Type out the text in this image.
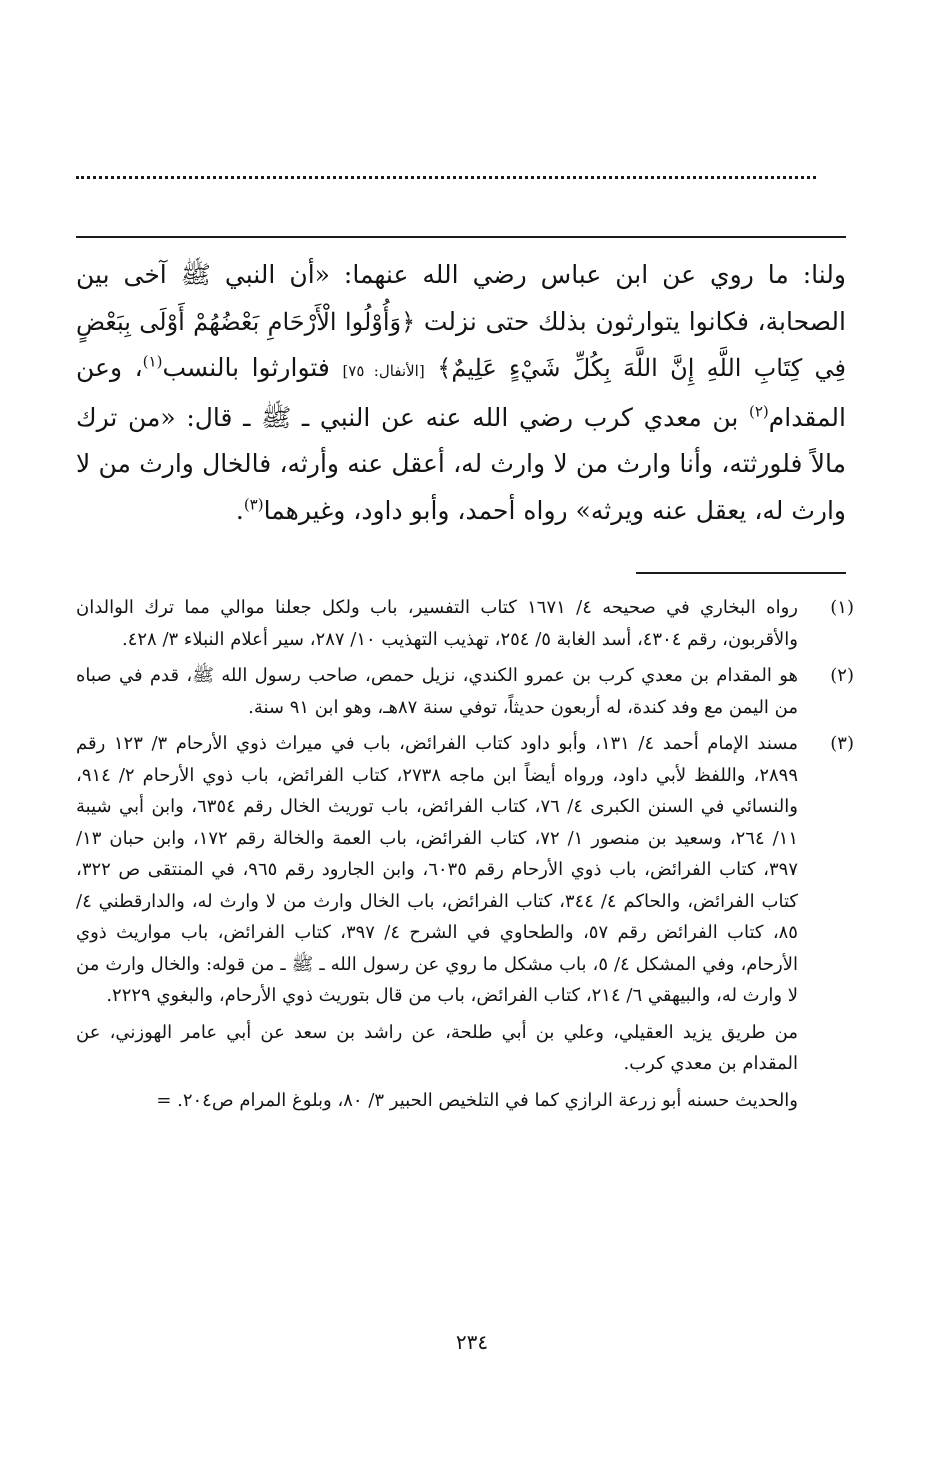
ولنا: ما روي عن ابن عباس رضي الله عنهما: «أن النبي ﷺ آخى بين الصحابة، فكانوا يتوارثون بذلك حتى نزلت ﴿وَأُوْلُوا الْأَرْحَامِ بَعْضُهُمْ أَوْلَى بِبَعْضٍ فِي كِتَابِ اللَّهِ إِنَّ اللَّهَ بِكُلِّ شَيْءٍ عَلِيمٌ﴾ [الأنفال: ٧٥] فتوارثوا بالنسب$^{(١)}$، وعن المقدام$^{(٢)}$ بن معدي كرب رضي الله عنه عن النبي ـ ﷺ ـ قال: «من ترك مالاً فلورثته، وأنا وارث من لا وارث له، أعقل عنه وأرثه، فالخال وارث من لا وارث له، يعقل عنه ويرثه» رواه أحمد، وأبو داود، وغيرهما$^{(٣)}$.

(١)
رواه البخاري في صحيحه ٤/ ١٦٧١ كتاب التفسير، باب ولكل جعلنا موالي مما ترك الوالدان والأقربون، رقم ٤٣٠٤، أسد الغابة ٥/ ٢٥٤، تهذيب التهذيب ١٠/ ٢٨٧، سير أعلام النبلاء ٣/ ٤٢٨.
(٢)
هو المقدام بن معدي كرب بن عمرو الكندي، نزيل حمص، صاحب رسول الله ﷺ، قدم في صباه من اليمن مع وفد كندة، له أربعون حديثاً، توفي سنة ٨٧هـ، وهو ابن ٩١ سنة.
(٣)
مسند الإمام أحمد ٤/ ١٣١، وأبو داود كتاب الفرائض، باب في ميراث ذوي الأرحام ٣/ ١٢٣ رقم ٢٨٩٩، واللفظ لأبي داود، ورواه أيضاً ابن ماجه ٢٧٣٨، كتاب الفرائض، باب ذوي الأرحام ٢/ ٩١٤، والنسائي في السنن الكبرى ٤/ ٧٦، كتاب الفرائض، باب توريث الخال رقم ٦٣٥٤، وابن أبي شيبة ١١/ ٢٦٤، وسعيد بن منصور ١/ ٧٢، كتاب الفرائض، باب العمة والخالة رقم ١٧٢، وابن حبان ١٣/ ٣٩٧، كتاب الفرائض، باب ذوي الأرحام رقم ٦٠٣٥، وابن الجارود رقم ٩٦٥، في المنتقى ص ٣٢٢، كتاب الفرائض، والحاكم ٤/ ٣٤٤، كتاب الفرائض، باب الخال وارث من لا وارث له، والدارقطني ٤/ ٨٥، كتاب الفرائض رقم ٥٧، والطحاوي في الشرح ٤/ ٣٩٧، كتاب الفرائض، باب مواريث ذوي الأرحام، وفي المشكل ٤/ ٥، باب مشكل ما روي عن رسول الله ـ ﷺ ـ من قوله: والخال وارث من لا وارث له، والبيهقي ٦/ ٢١٤، كتاب الفرائض، باب من قال بتوريث ذوي الأرحام، والبغوي ٢٢٢٩.
من طريق يزيد العقيلي، وعلي بن أبي طلحة، عن راشد بن سعد عن أبي عامر الهوزني، عن المقدام بن معدي كرب.
والحديث حسنه أبو زرعة الرازي كما في التلخيص الحبير ٣/ ٨٠، وبلوغ المرام ص٢٠٤. =
٢٣٤
